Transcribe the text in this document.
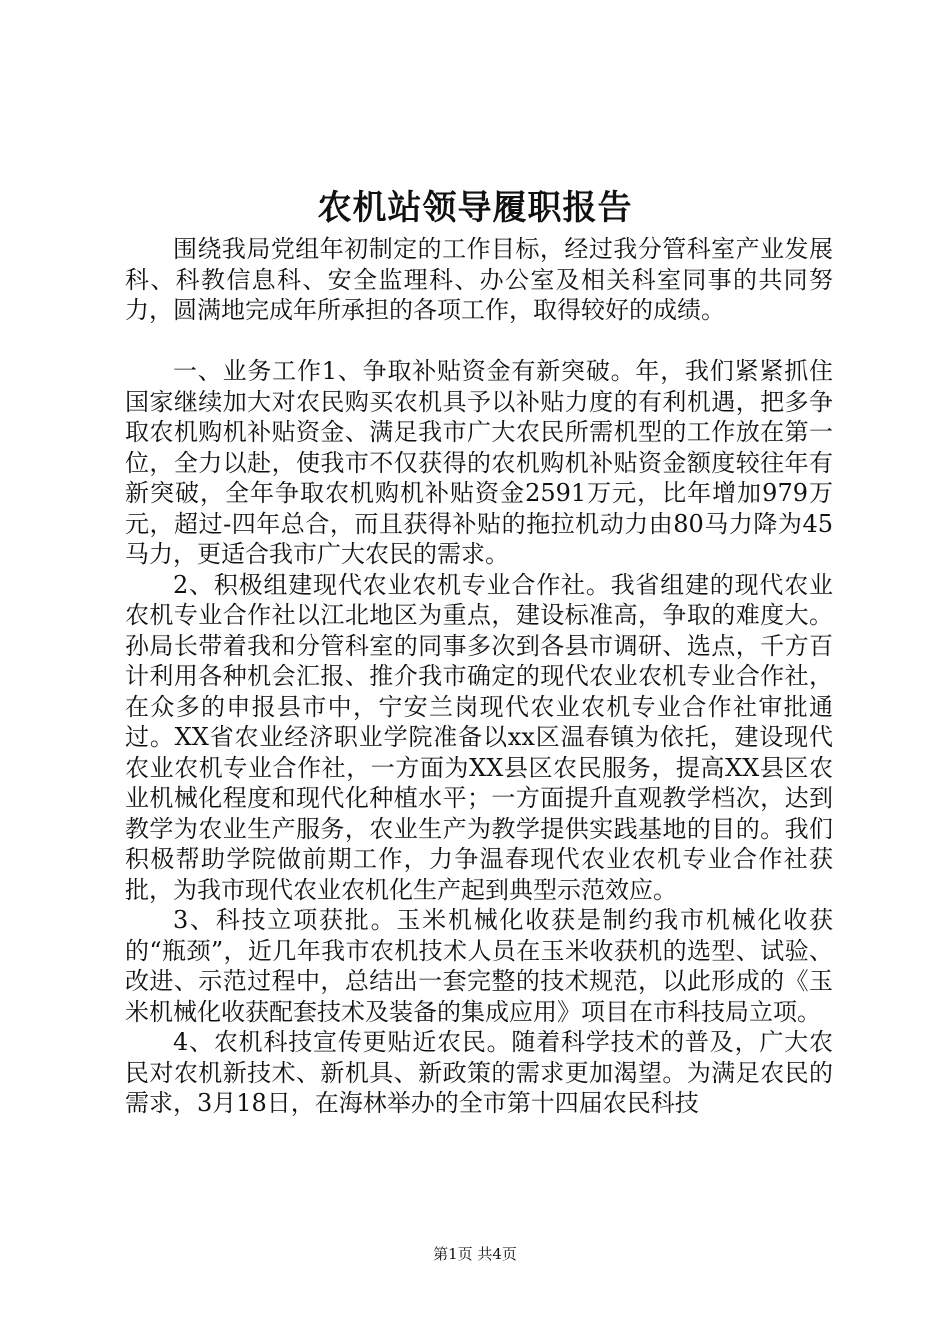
农机站领导履职报告

围绕我局党组年初制定的工作目标，经过我分管科室产业发展科、科教信息科、安全监理科、办公室及相关科室同事的共同努力，圆满地完成年所承担的各项工作，取得较好的成绩。

一、业务工作1、争取补贴资金有新突破。年，我们紧紧抓住国家继续加大对农民购买农机具予以补贴力度的有利机遇，把多争取农机购机补贴资金、满足我市广大农民所需机型的工作放在第一位，全力以赴，使我市不仅获得的农机购机补贴资金额度较往年有新突破，全年争取农机购机补贴资金2591万元，比年增加979万元，超过-四年总合，而且获得补贴的拖拉机动力由80马力降为45马力，更适合我市广大农民的需求。

2、积极组建现代农业农机专业合作社。我省组建的现代农业农机专业合作社以江北地区为重点，建设标准高，争取的难度大。孙局长带着我和分管科室的同事多次到各县市调研、选点，千方百计利用各种机会汇报、推介我市确定的现代农业农机专业合作社，在众多的申报县市中，宁安兰岗现代农业农机专业合作社审批通过。XX省农业经济职业学院准备以xx区温春镇为依托，建设现代农业农机专业合作社，一方面为XX县区农民服务，提高XX县区农业机械化程度和现代化种植水平；一方面提升直观教学档次，达到教学为农业生产服务，农业生产为教学提供实践基地的目的。我们积极帮助学院做前期工作，力争温春现代农业农机专业合作社获批，为我市现代农业农机化生产起到典型示范效应。

3、科技立项获批。玉米机械化收获是制约我市机械化收获的“瓶颈”，近几年我市农机技术人员在玉米收获机的选型、试验、改进、示范过程中，总结出一套完整的技术规范，以此形成的《玉米机械化收获配套技术及装备的集成应用》项目在市科技局立项。

4、农机科技宣传更贴近农民。随着科学技术的普及，广大农民对农机新技术、新机具、新政策的需求更加渴望。为满足农民的需求，3月18日，在海林举办的全市第十四届农民科技

第1页 共4页
